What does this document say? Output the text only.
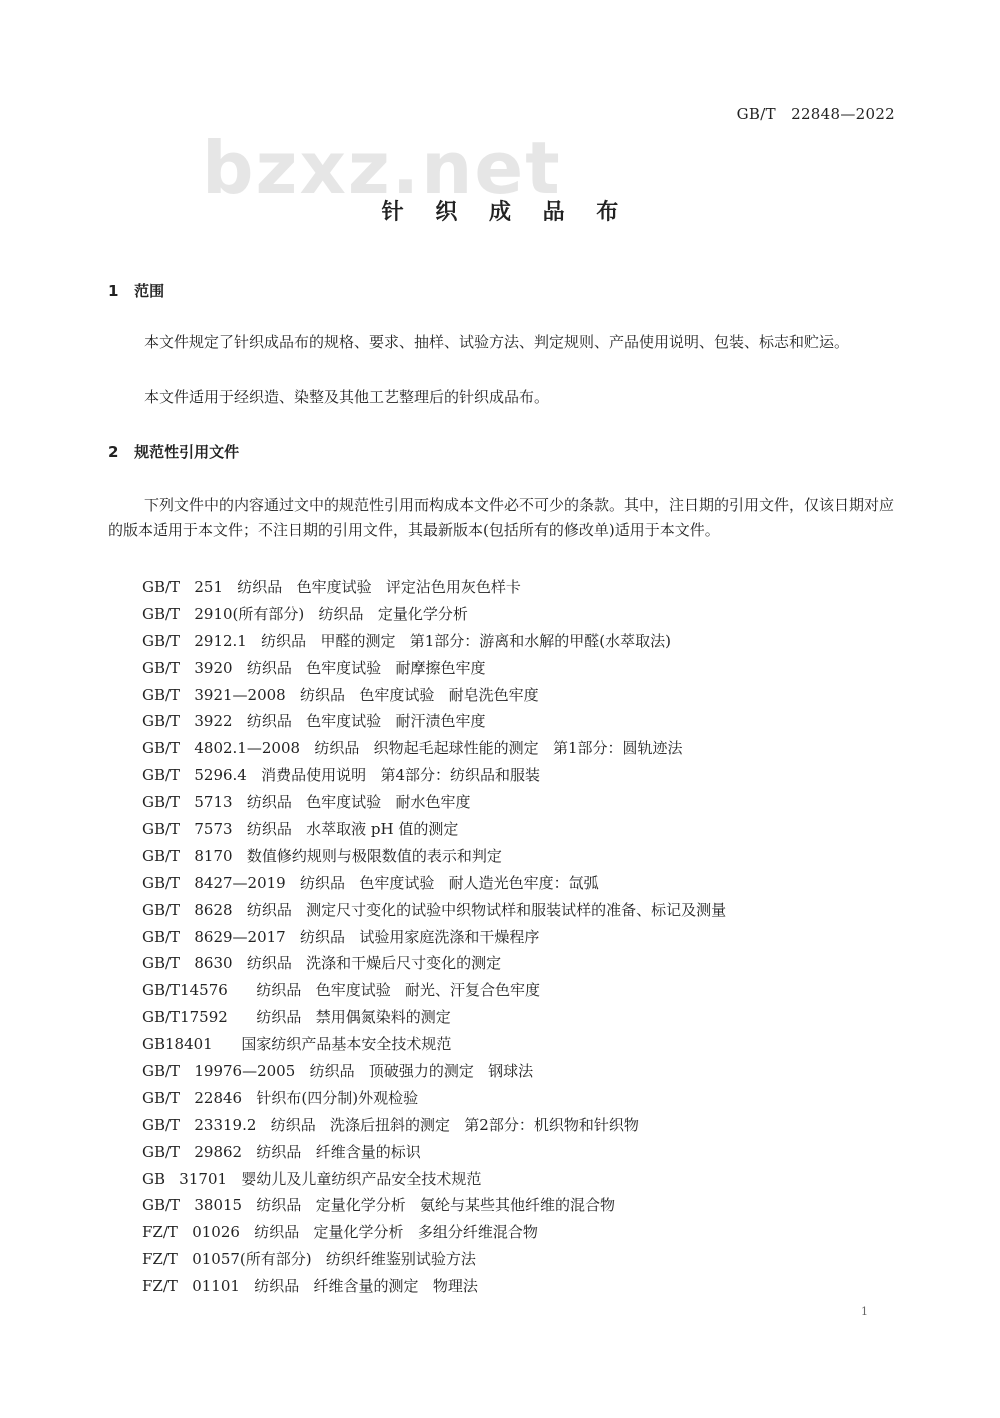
GB/T   22848—2022
bzxz.net
针 织 成 品 布
1   范围
本文件规定了针织成品布的规格、要求、抽样、试验方法、判定规则、产品使用说明、包装、标志和贮运。
本文件适用于经织造、染整及其他工艺整理后的针织成品布。
2   规范性引用文件
下列文件中的内容通过文中的规范性引用而构成本文件必不可少的条款。其中，注日期的引用文件，仅该日期对应的版本适用于本文件；不注日期的引用文件，其最新版本(包括所有的修改单)适用于本文件。
GB/T   251   纺织品   色牢度试验   评定沾色用灰色样卡
GB/T   2910(所有部分)   纺织品   定量化学分析
GB/T   2912.1   纺织品   甲醛的测定   第1部分：游离和水解的甲醛(水萃取法)
GB/T   3920   纺织品   色牢度试验   耐摩擦色牢度
GB/T   3921—2008   纺织品   色牢度试验   耐皂洗色牢度
GB/T   3922   纺织品   色牢度试验   耐汗渍色牢度
GB/T   4802.1—2008   纺织品   织物起毛起球性能的测定   第1部分：圆轨迹法
GB/T   5296.4   消费品使用说明   第4部分：纺织品和服装
GB/T   5713   纺织品   色牢度试验   耐水色牢度
GB/T   7573   纺织品   水萃取液 pH 值的测定
GB/T   8170   数值修约规则与极限数值的表示和判定
GB/T   8427—2019   纺织品   色牢度试验   耐人造光色牢度：氙弧
GB/T   8628   纺织品   测定尺寸变化的试验中织物试样和服装试样的准备、标记及测量
GB/T   8629—2017   纺织品   试验用家庭洗涤和干燥程序
GB/T   8630   纺织品   洗涤和干燥后尺寸变化的测定
GB/T14576      纺织品   色牢度试验   耐光、汗复合色牢度
GB/T17592      纺织品   禁用偶氮染料的测定
GB18401      国家纺织产品基本安全技术规范
GB/T   19976—2005   纺织品   顶破强力的测定   钢球法
GB/T   22846   针织布(四分制)外观检验
GB/T   23319.2   纺织品   洗涤后扭斜的测定   第2部分：机织物和针织物
GB/T   29862   纺织品   纤维含量的标识
GB   31701   婴幼儿及儿童纺织产品安全技术规范
GB/T   38015   纺织品   定量化学分析   氨纶与某些其他纤维的混合物
FZ/T   01026   纺织品   定量化学分析   多组分纤维混合物
FZ/T   01057(所有部分)   纺织纤维鉴别试验方法
FZ/T   01101   纺织品   纤维含量的测定   物理法
1
